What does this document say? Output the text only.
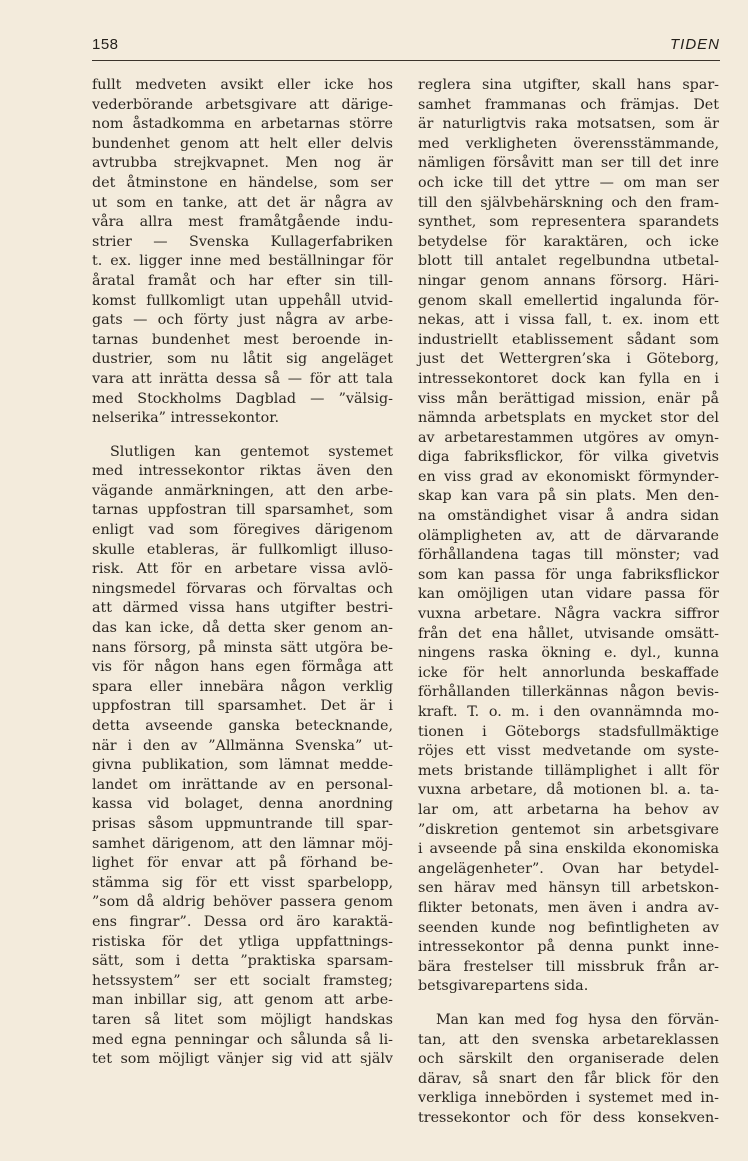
158	TIDEN
fullt medveten avsikt eller icke hos
vederbörande arbetsgivare att därige-
nom åstadkomma en arbetarnas större
bundenhet genom att helt eller delvis
avtrubba strejkvapnet. Men nog är
det åtminstone en händelse, som ser
ut som en tanke, att det är några av
våra allra mest framåtgående indu-
strier — Svenska Kullagerfabriken
t. ex. ligger inne med beställningar för
åratal framåt och har efter sin till-
komst fullkomligt utan uppehåll utvid-
gats — och förty just några av arbe-
tarnas bundenhet mest beroende in-
dustrier, som nu låtit sig angeläget
vara att inrätta dessa så — för att tala
med Stockholms Dagblad — ”välsig-
nelserika” intressekontor.
Slutligen kan gentemot systemet
med intressekontor riktas även den
vägande anmärkningen, att den arbe-
tarnas uppfostran till sparsamhet, som
enligt vad som föregives därigenom
skulle etableras, är fullkomligt illuso-
risk. Att för en arbetare vissa avlö-
ningsmedel förvaras och förvaltas och
att därmed vissa hans utgifter bestri-
das kan icke, då detta sker genom an-
nans försorg, på minsta sätt utgöra be-
vis för någon hans egen förmåga att
spara eller innebära någon verklig
uppfostran till sparsamhet. Det är i
detta avseende ganska betecknande,
när i den av ”Allmänna Svenska” ut-
givna publikation, som lämnat medde-
landet om inrättande av en personal-
kassa vid bolaget, denna anordning
prisas såsom uppmuntrande till spar-
samhet därigenom, att den lämnar möj-
lighet för envar att på förhand be-
stämma sig för ett visst sparbelopp,
”som då aldrig behöver passera genom
ens fingrar”. Dessa ord äro karaktä-
ristiska för det ytliga uppfattnings-
sätt, som i detta ”praktiska sparsam-
hetssystem” ser ett socialt framsteg;
man inbillar sig, att genom att arbe-
taren så litet som möjligt handskas
med egna penningar och sålunda så li-
tet som möjligt vänjer sig vid att själv
reglera sina utgifter, skall hans spar-
samhet frammanas och främjas. Det
är naturligtvis raka motsatsen, som är
med verkligheten överensstämmande,
nämligen försåvitt man ser till det inre
och icke till det yttre — om man ser
till den självbehärskning och den fram-
synthet, som representera sparandets
betydelse för karaktären, och icke
blott till antalet regelbundna utbetal-
ningar genom annans försorg. Häri-
genom skall emellertid ingalunda för-
nekas, att i vissa fall, t. ex. inom ett
industriellt etablissement sådant som
just det Wettergren’ska i Göteborg,
intressekontoret dock kan fylla en i
viss mån berättigad mission, enär på
nämnda arbetsplats en mycket stor del
av arbetarestammen utgöres av omyn-
diga fabriksflickor, för vilka givetvis
en viss grad av ekonomiskt förmynder-
skap kan vara på sin plats. Men den-
na omständighet visar å andra sidan
olämpligheten av, att de därvarande
förhållandena tagas till mönster; vad
som kan passa för unga fabriksflickor
kan omöjligen utan vidare passa för
vuxna arbetare. Några vackra siffror
från det ena hållet, utvisande omsätt-
ningens raska ökning e. dyl., kunna
icke för helt annorlunda beskaffade
förhållanden tillerkännas någon bevis-
kraft. T. o. m. i den ovannämnda mo-
tionen i Göteborgs stadsfullmäktige
röjes ett visst medvetande om syste-
mets bristande tillämplighet i allt för
vuxna arbetare, då motionen bl. a. ta-
lar om, att arbetarna ha behov av
”diskretion gentemot sin arbetsgivare
i avseende på sina enskilda ekonomiska
angelägenheter”. Ovan har betydel-
sen härav med hänsyn till arbetskon-
flikter betonats, men även i andra av-
seenden kunde nog befintligheten av
intressekontor på denna punkt inne-
bära frestelser till missbruk från ar-
betsgivarepartens sida.
Man kan med fog hysa den förvän-
tan, att den svenska arbetareklassen
och särskilt den organiserade delen
därav, så snart den får blick för den
verkliga innebörden i systemet med in-
tressekontor och för dess konsekven-
